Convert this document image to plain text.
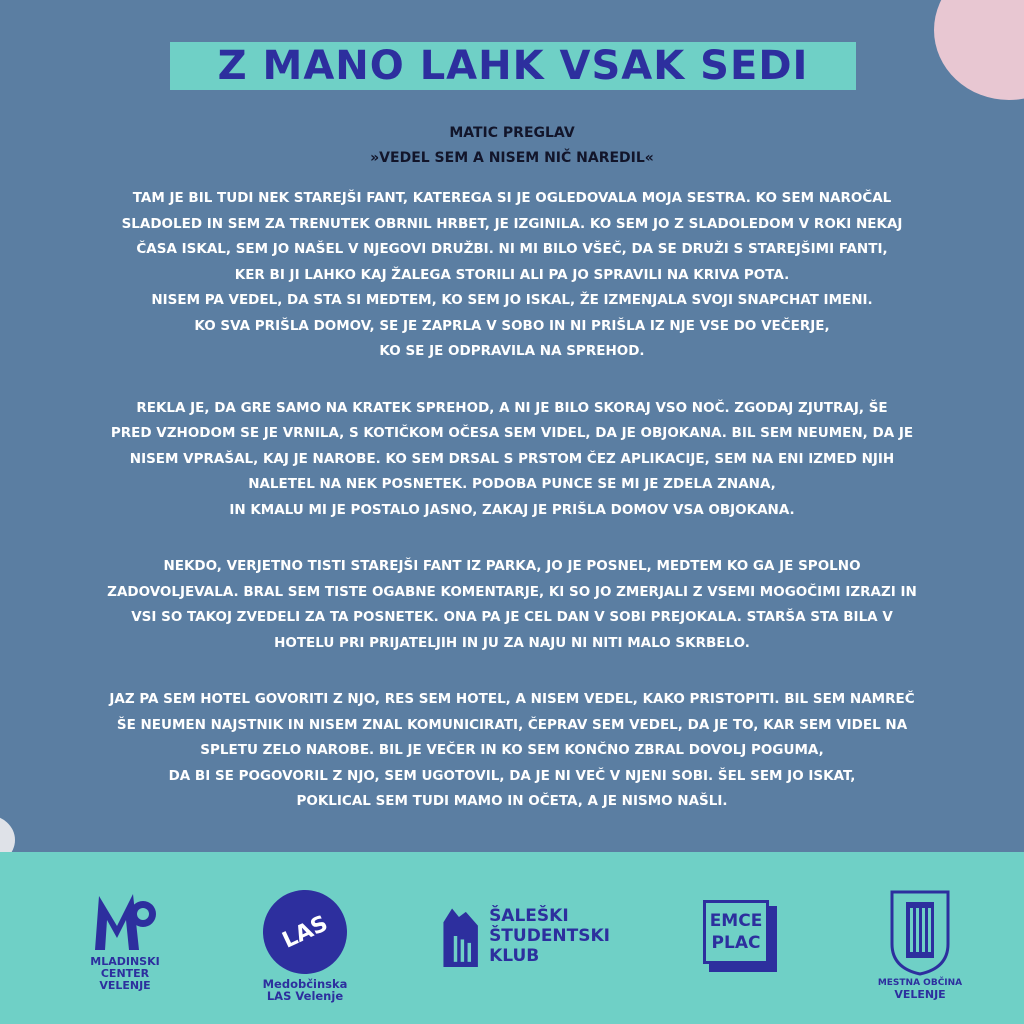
Z MANO LAHK VSAK SEDI
MATIC PREGLAV
»VEDEL SEM A NISEM NIČ NAREDIL«

TAM JE BIL TUDI NEK STAREJŠI FANT, KATEREGA SI JE OGLEDOVALA MOJA SESTRA. KO SEM NAROČAL
SLADOLED IN SEM ZA TRENUTEK OBRNIL HRBET, JE IZGINILA. KO SEM JO Z SLADOLEDOM V ROKI NEKAJ
ČASA ISKAL, SEM JO NAŠEL V NJEGOVI DRUŽBI. NI MI BILO VŠEČ, DA SE DRUŽI S STAREJŠIMI FANTI,
KER BI JI LAHKO KAJ ŽALEGA STORILI ALI PA JO SPRAVILI NA KRIVA POTA.
NISEM PA VEDEL, DA STA SI MEDTEM, KO SEM JO ISKAL, ŽE IZMENJALA SVOJI SNAPCHAT IMENI.
KO SVA PRIŠLA DOMOV, SE JE ZAPRLA V SOBO IN NI PRIŠLA IZ NJE VSE DO VEČERJE,
KO SE JE ODPRAVILA NA SPREHOD.

REKLA JE, DA GRE SAMO NA KRATEK SPREHOD, A NI JE BILO SKORAJ VSO NOČ. ZGODAJ ZJUTRAJ, ŠE
PRED VZHODOM SE JE VRNILA, S KOTIČKOM OČESA SEM VIDEL, DA JE OBJOKANA. BIL SEM NEUMEN, DA JE
NISEM VPRAŠAL, KAJ JE NAROBE. KO SEM DRSAL S PRSTOM ČEZ APLIKACIJE, SEM NA ENI IZMED NJIH
NALETEL NA NEK POSNETEK. PODOBA PUNCE SE MI JE ZDELA ZNANA,
IN KMALU MI JE POSTALO JASNO, ZAKAJ JE PRIŠLA DOMOV VSA OBJOKANA.

NEKDO, VERJETNO TISTI STAREJŠI FANT IZ PARKA, JO JE POSNEL, MEDTEM KO GA JE SPOLNO
ZADOVOLJEVALA. BRAL SEM TISTE OGABNE KOMENTARJE, KI SO JO ZMERJALI Z VSEMI MOGOČIMI IZRAZI IN
VSI SO TAKOJ ZVEDELI ZA TA POSNETEK. ONA PA JE CEL DAN V SOBI PREJOKALA. STARŠA STA BILA V
HOTELU PRI PRIJATELJIH IN JU ZA NAJU NI NITI MALO SKRBELO.

JAZ PA SEM HOTEL GOVORITI Z NJO, RES SEM HOTEL, A NISEM VEDEL, KAKO PRISTOPITI. BIL SEM NAMREČ
ŠE NEUMEN NAJSTNIK IN NISEM ZNAL KOMUNICIRATI, ČEPRAV SEM VEDEL, DA JE TO, KAR SEM VIDEL NA
SPLETU ZELO NAROBE. BIL JE VEČER IN KO SEM KONČNO ZBRAL DOVOLJ POGUMA,
DA BI SE POGOVORIL Z NJO, SEM UGOTOVIL, DA JE NI VEČ V NJENI SOBI. ŠEL SEM JO ISKAT,
POKLICAL SEM TUDI MAMO IN OČETA, A JE NISMO NAŠLI.

MLADINSKI
CENTER
VELENJE
LAS
Medobčinska
LAS Velenje
ŠALEŠKI
ŠTUDENTSKI
KLUB
EMCE
PLAC
MESTNA OBČINA
VELENJE
